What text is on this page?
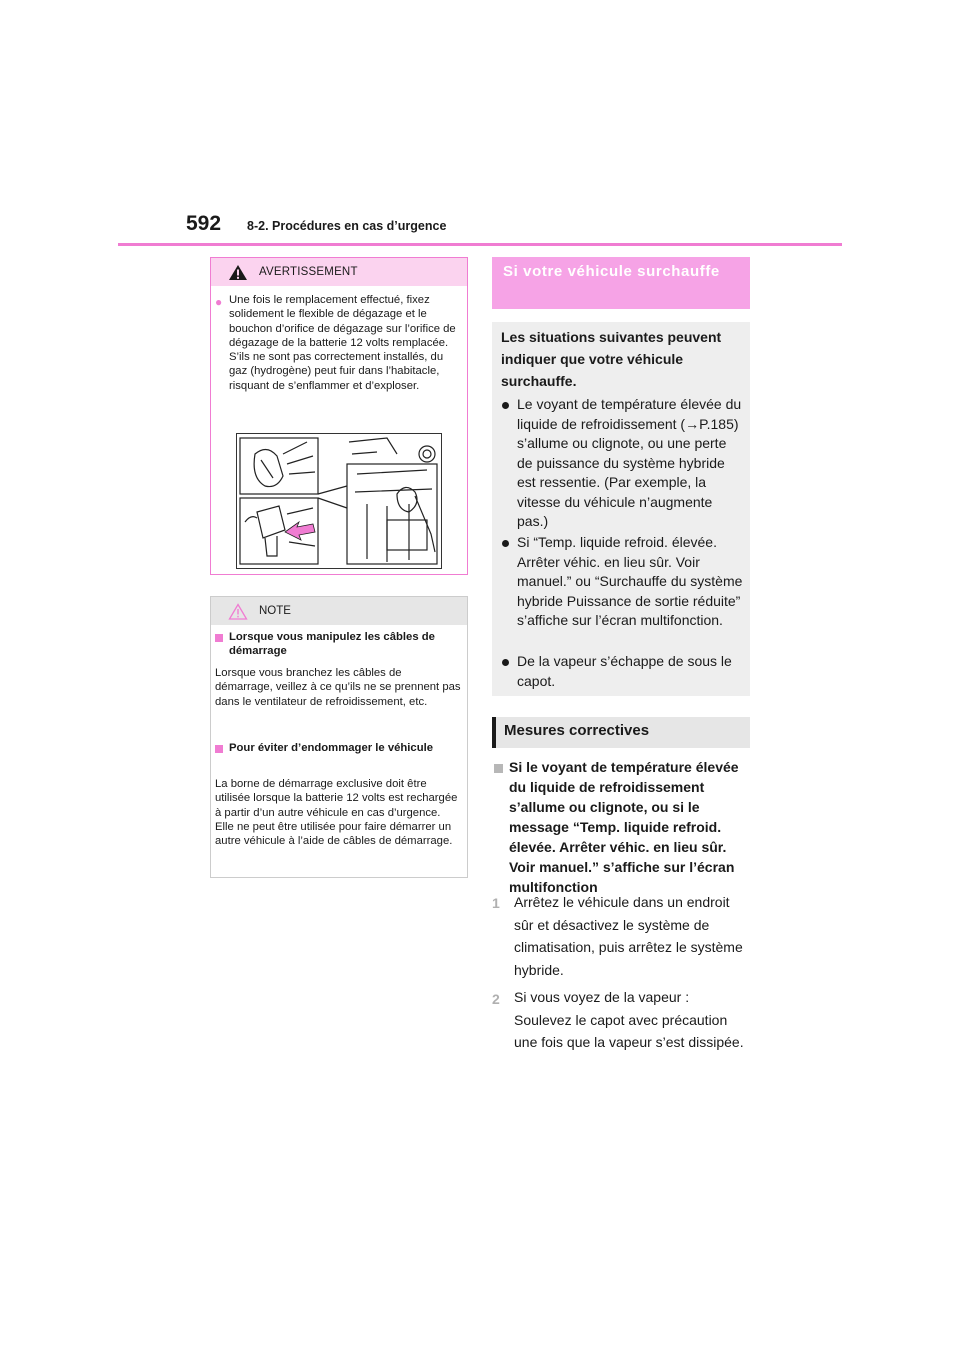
592 8-2. Procédures en cas d’urgence
AVERTISSEMENT
● Une fois le remplacement effectué, fixez solidement le flexible de dégazage et le bouchon d’orifice de dégazage sur l’orifice de dégazage de la batterie 12 volts remplacée. S’ils ne sont pas correctement installés, du gaz (hydrogène) peut fuir dans l’habitacle, risquant de s’enflammer et d’exploser.
NOTE
Lorsque vous manipulez les câbles de démarrage
Lorsque vous branchez les câbles de démarrage, veillez à ce qu’ils ne se prennent pas dans le ventilateur de refroidissement, etc.
Pour éviter d’endommager le véhicule
La borne de démarrage exclusive doit être utilisée lorsque la batterie 12 volts est rechargée à partir d’un autre véhicule en cas d’urgence. Elle ne peut être utilisée pour faire démarrer un autre véhicule à l’aide de câbles de démarrage.
Si votre véhicule surchauffe
Les situations suivantes peuvent indiquer que votre véhicule surchauffe.
Le voyant de température élevée du liquide de refroidissement (→P.185) s’allume ou clignote, ou une perte de puissance du système hybride est ressentie. (Par exemple, la vitesse du véhicule n’augmente pas.)
Si “Temp. liquide refroid. élevée. Arrêter véhic. en lieu sûr. Voir manuel.” ou “Surchauffe du système hybride Puissance de sortie réduite” s’affiche sur l’écran multifonction.
De la vapeur s’échappe de sous le capot.
Mesures correctives
Si le voyant de température élevée du liquide de refroidissement s’allume ou clignote, ou si le message “Temp. liquide refroid. élevée. Arrêter véhic. en lieu sûr. Voir manuel.” s’affiche sur l’écran multifonction
1 Arrêtez le véhicule dans un endroit sûr et désactivez le système de climatisation, puis arrêtez le système hybride.
2 Si vous voyez de la vapeur : Soulevez le capot avec précaution une fois que la vapeur s’est dissipée.
